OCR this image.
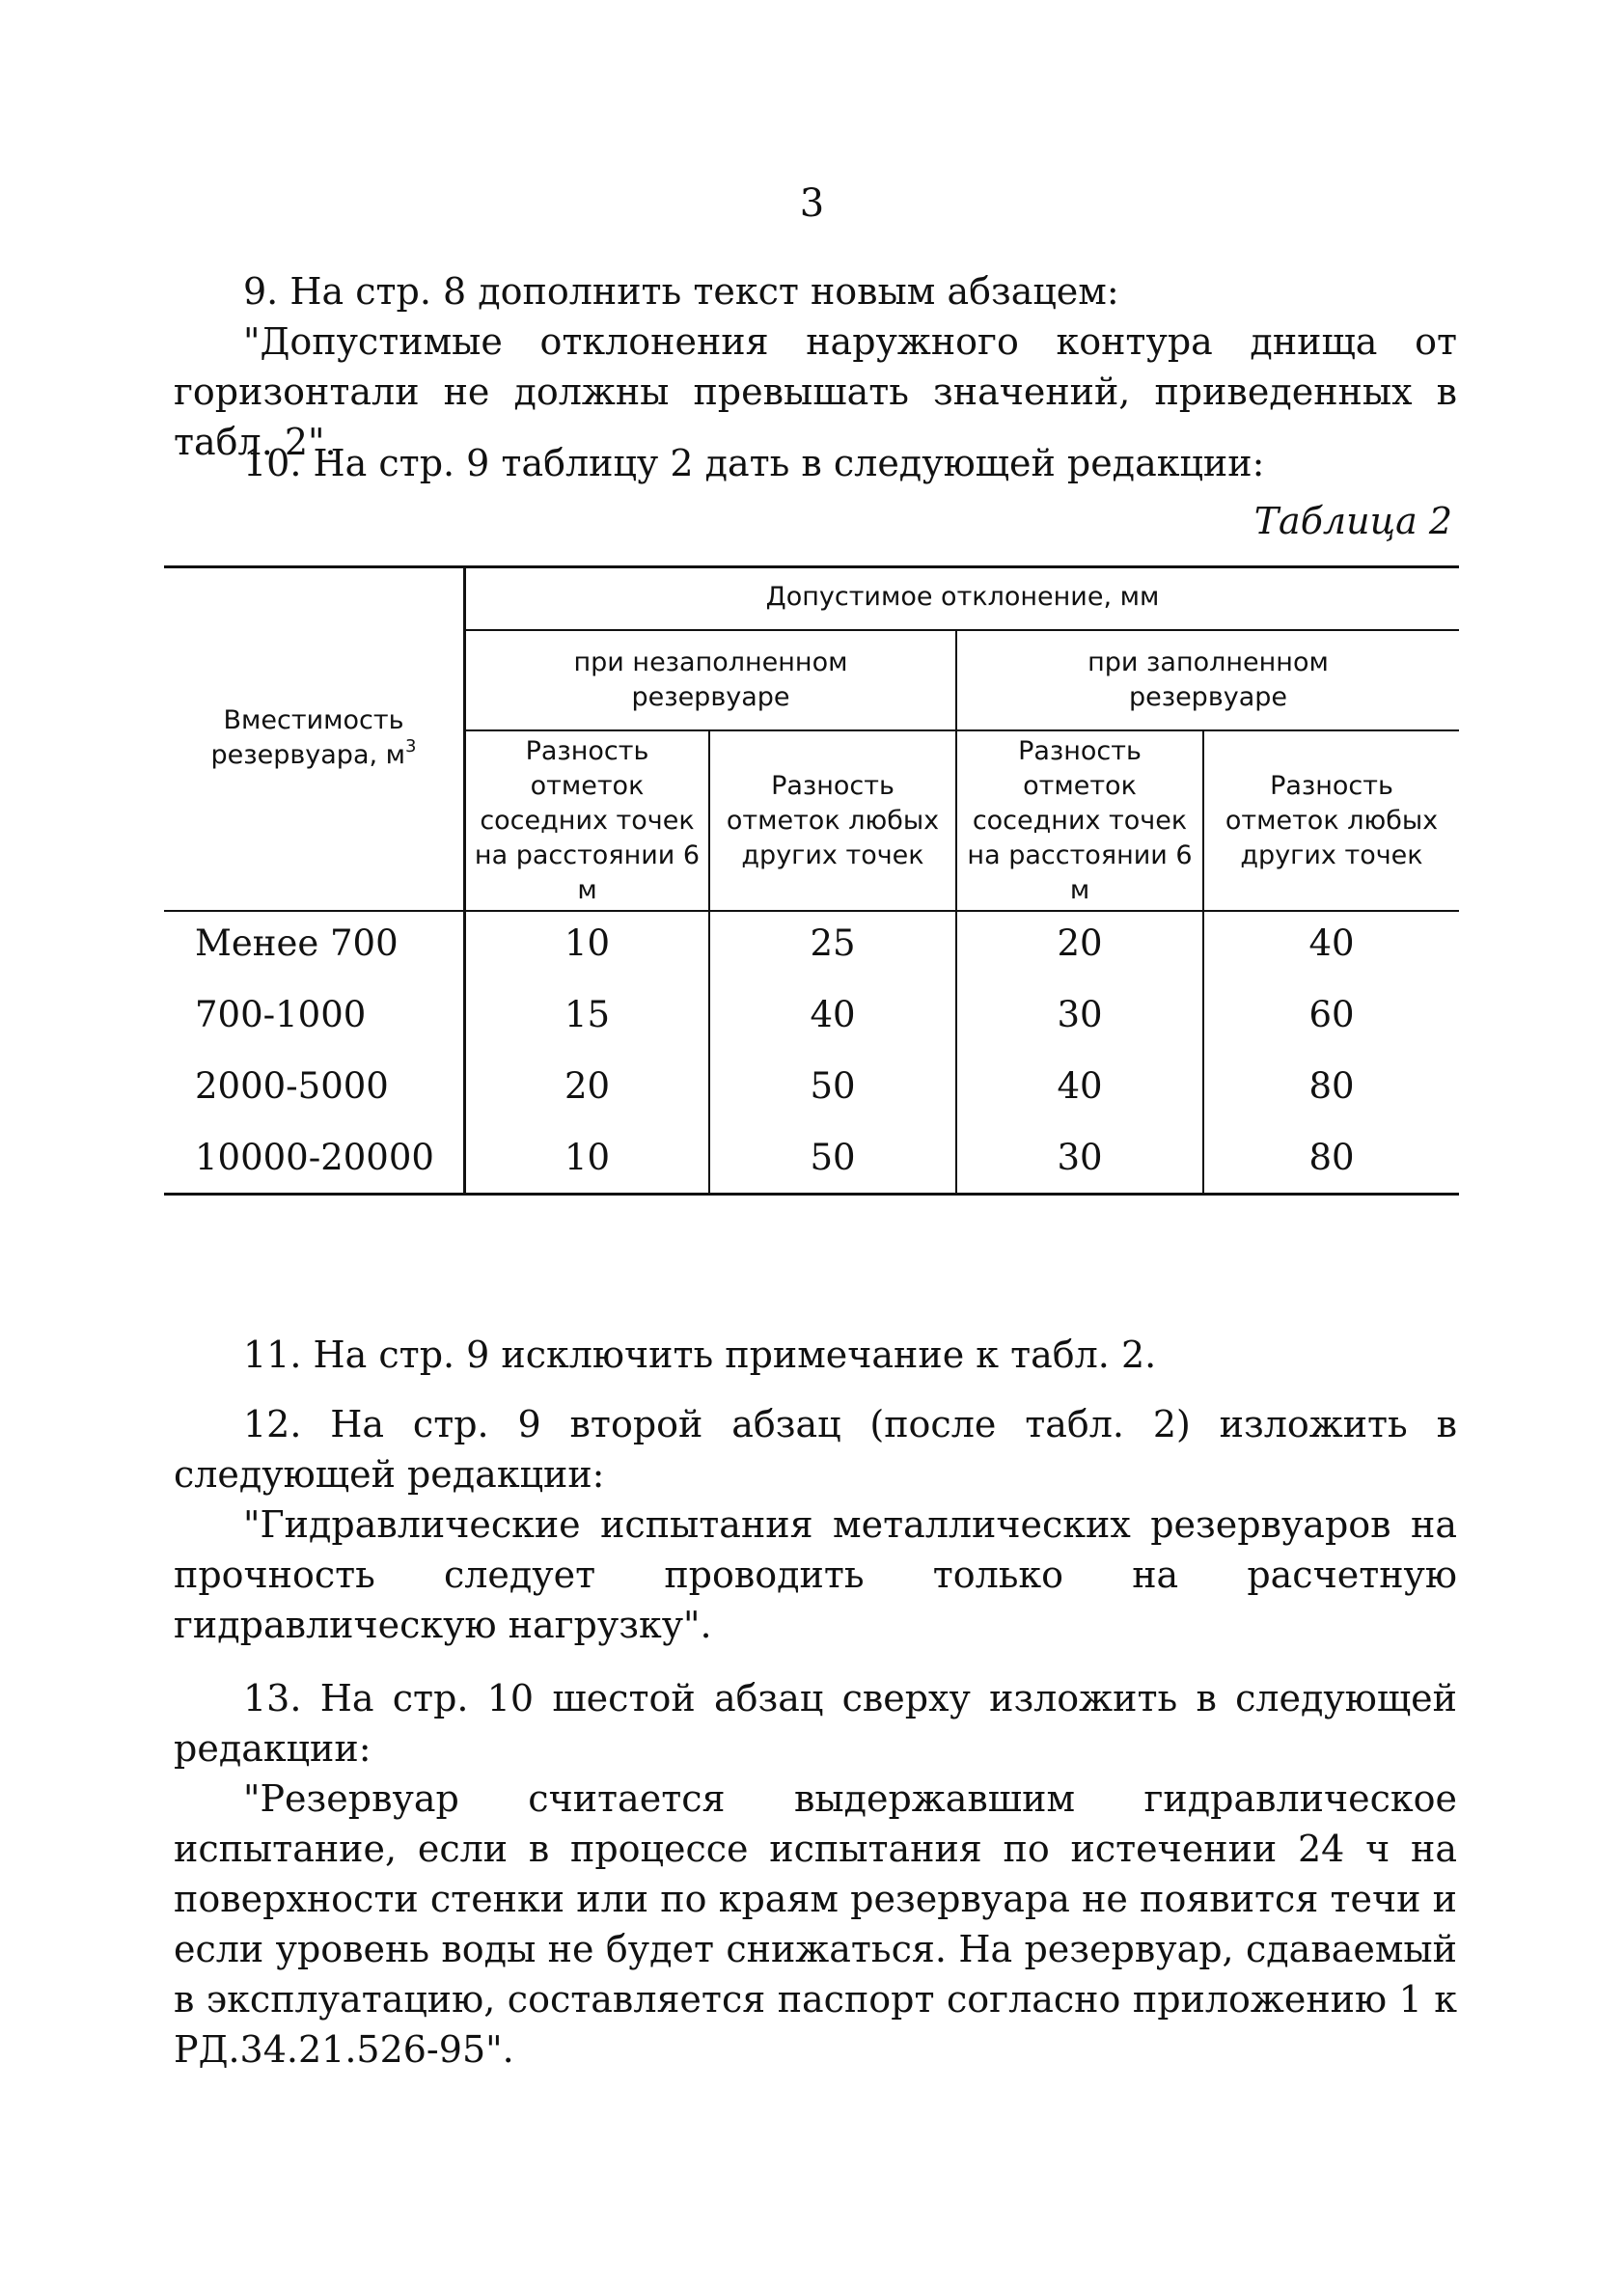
3

9. На стр. 8 дополнить текст новым абзацем:

"Допустимые отклонения наружного контура днища от горизонтали не должны превышать значений, приведенных в табл. 2".

10. На стр. 9 таблицу 2 дать в следующей редакции:

Таблица 2
Вместимость резервуара, $м^3$
Допустимое отклонение, мм
при незаполненном резервуаре
при заполненном резервуаре
Разность отметок соседних точек на расстоянии 6 м
Разность отметок любых других точек
Разность отметок соседних точек на расстоянии 6 м
Разность отметок любых других точек
Менее 700	10	25	20	40
700-1000	15	40	30	60
2000-5000	20	50	40	80
10000-20000	10	50	30	80

11. На стр. 9 исключить примечание к табл. 2.

12. На стр. 9 второй абзац (после табл. 2) изложить в следующей редакции:

"Гидравлические испытания металлических резервуаров на прочность следует проводить только на расчетную гидравлическую нагрузку".

13. На стр. 10 шестой абзац сверху изложить в следующей редакции:

"Резервуар считается выдержавшим гидравлическое испытание, если в процессе испытания по истечении 24 ч на поверхности стенки или по краям резервуара не появится течи и если уровень воды не будет снижаться. На резервуар, сдаваемый в эксплуатацию, составляется паспорт согласно приложению 1 к РД.34.21.526-95".
